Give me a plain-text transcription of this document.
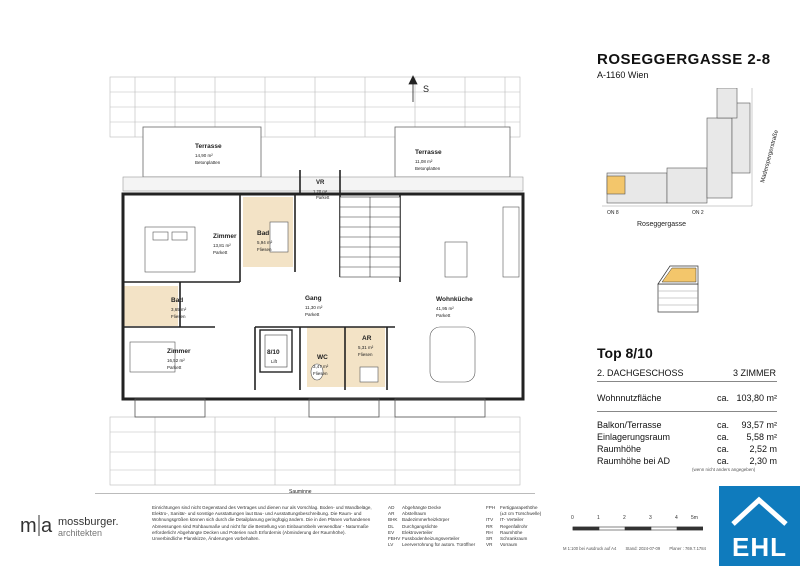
S
Terrasse
14,90 m²
Betonplatten
Terrasse
11,08 m²
Betonplatten
Zimmer
13,81 m²
Parkett
Bad
5,94 m²
Fliesen
VR
1,20 m²
Parkett
Bad
3,65 m²
Fliesen
Gang
11,30 m²
Parkett
Wohnküche
41,95 m²
Parkett
Zimmer
16,52 m²
Parkett
8/10
Lift
WC
3,47 m²
Fliesen
AR
5,31 m²
Fliesen
Sauminne
ROSEGGERGASSE 2-8
A-1160 Wien
ON 8	ON 2
Roseggergasse
Maderspergerstraße
Top 8/10
2. DACHGESCHOSS	3 ZIMMER
Wohnnutzfläche	ca. 103,80 m²
Balkon/Terrasse	ca. 93,57 m²
Einlagerungsraum	ca. 5,58 m²
Raumhöhe	ca. 2,52 m
Raumhöhe bei AD	ca. 2,30 m
(wenn nicht anders angegeben)
m a mossburger.
architekten
Einrichtungen sind nicht Gegenstand des Vertrages und dienen nur als Vorschlag. Boden- und Wandbeläge, Elektro-, Sanitär- und sonstige Ausstattungen laut Bau- und Ausstattungsbeschreibung. Die Raum- und Wohnungsgrößen können sich durch die Detailplanung geringfügig ändern. Die in den Plänen vorhandenen Abmessungen sind Rohbaumaße und nicht für die Bestellung von Einbaumöbeln verwendbar - Naturmaße erforderlich! Abgehängte Decken und Poterien nach Erfordernis (Abminderung der Raumhöhe). Unverbindliche Planskizze, Änderungen vorbehalten.
AD	Abgehängte Decke
AR	Abstellraum
BHK Badezimmerheizkörper
DL	Durchgangslichte
EV	Elektroverteiler
FBHV Fussbodenheizungsverteiler
LV	Leerverrohrung für autom. Türöffner
FPH	Fertigparapethöhe
(±3 cm Türschwelle)
ITV	IT- Verteiler
RR	Regenfallrohr
RH	Raumhöhe
SR	Schrankraum
VR	Vorraum
0	1	2	3	4	5m
M 1:100 bei Ausdruck auf A4 Stand: 2024-07-09 Planer : 769.7.1784	EHL
